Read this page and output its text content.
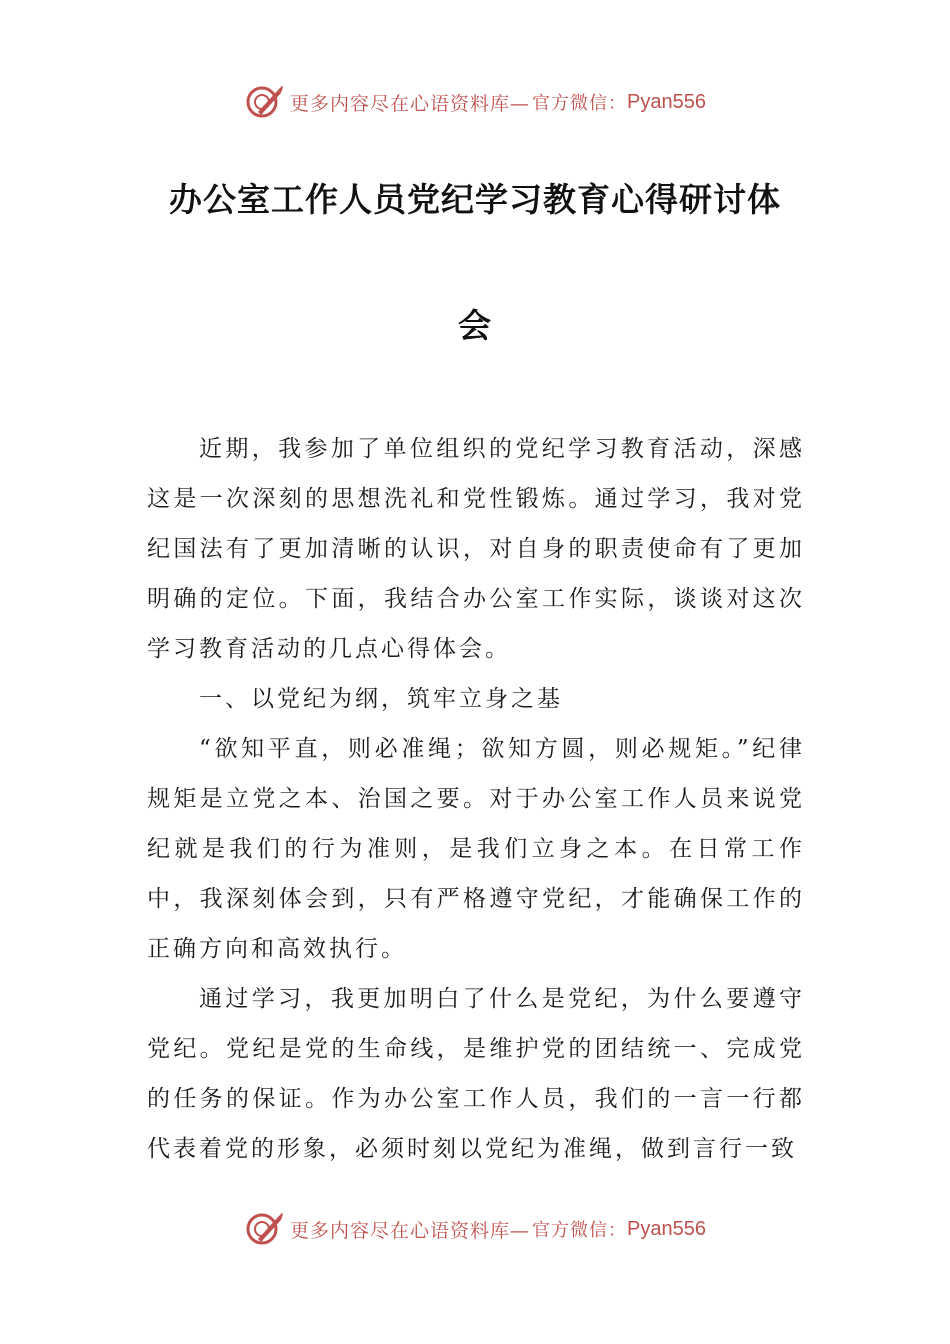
更多内容尽在心语资料库— 官方微信： Pyan556
办公室工作人员党纪学习教育心得研讨体
会

近期，我参加了单位组织的党纪学习教育活动，深感这是一次深刻的思想洗礼和党性锻炼。通过学习，我对党纪国法有了更加清晰的认识，对自身的职责使命有了更加明确的定位。下面，我结合办公室工作实际，谈谈对这次学习教育活动的几点心得体会。

一、以党纪为纲，筑牢立身之基

“欲知平直，则必准绳；欲知方圆，则必规矩。”纪律规矩是立党之本、治国之要。对于办公室工作人员来说党纪就是我们的行为准则，是我们立身之本。在日常工作中，我深刻体会到，只有严格遵守党纪，才能确保工作的正确方向和高效执行。

通过学习，我更加明白了什么是党纪，为什么要遵守党纪。党纪是党的生命线，是维护党的团结统一、完成党的任务的保证。作为办公室工作人员，我们的一言一行都代表着党的形象，必须时刻以党纪为准绳，做到言行一致

更多内容尽在心语资料库— 官方微信： Pyan556
